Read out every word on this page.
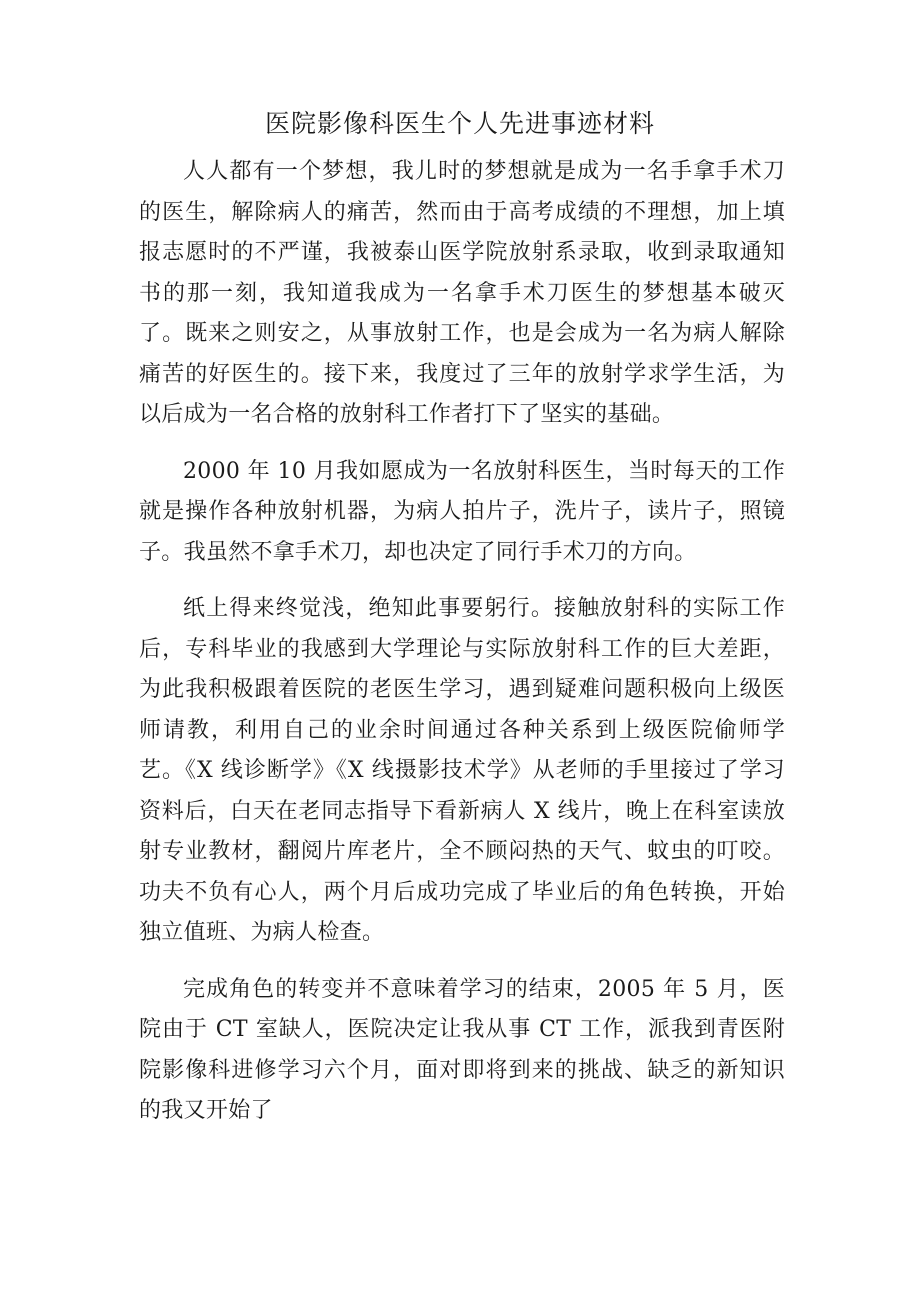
医院影像科医生个人先进事迹材料

人人都有一个梦想，我儿时的梦想就是成为一名手拿手术刀的医生，解除病人的痛苦，然而由于高考成绩的不理想，加上填报志愿时的不严谨，我被泰山医学院放射系录取，收到录取通知书的那一刻，我知道我成为一名拿手术刀医生的梦想基本破灭了。既来之则安之，从事放射工作，也是会成为一名为病人解除痛苦的好医生的。接下来，我度过了三年的放射学求学生活，为以后成为一名合格的放射科工作者打下了坚实的基础。

2000 年 10 月我如愿成为一名放射科医生，当时每天的工作就是操作各种放射机器，为病人拍片子，洗片子，读片子，照镜子。我虽然不拿手术刀，却也决定了同行手术刀的方向。

纸上得来终觉浅，绝知此事要躬行。接触放射科的实际工作后，专科毕业的我感到大学理论与实际放射科工作的巨大差距，为此我积极跟着医院的老医生学习，遇到疑难问题积极向上级医师请教，利用自己的业余时间通过各种关系到上级医院偷师学艺。《X 线诊断学》《X 线摄影技术学》从老师的手里接过了学习资料后，白天在老同志指导下看新病人 X 线片，晚上在科室读放射专业教材，翻阅片库老片，全不顾闷热的天气、蚊虫的叮咬。功夫不负有心人，两个月后成功完成了毕业后的角色转换，开始独立值班、为病人检查。

完成角色的转变并不意味着学习的结束，2005 年 5 月，医院由于 CT 室缺人，医院决定让我从事 CT 工作，派我到青医附院影像科进修学习六个月，面对即将到来的挑战、缺乏的新知识的我又开始了
